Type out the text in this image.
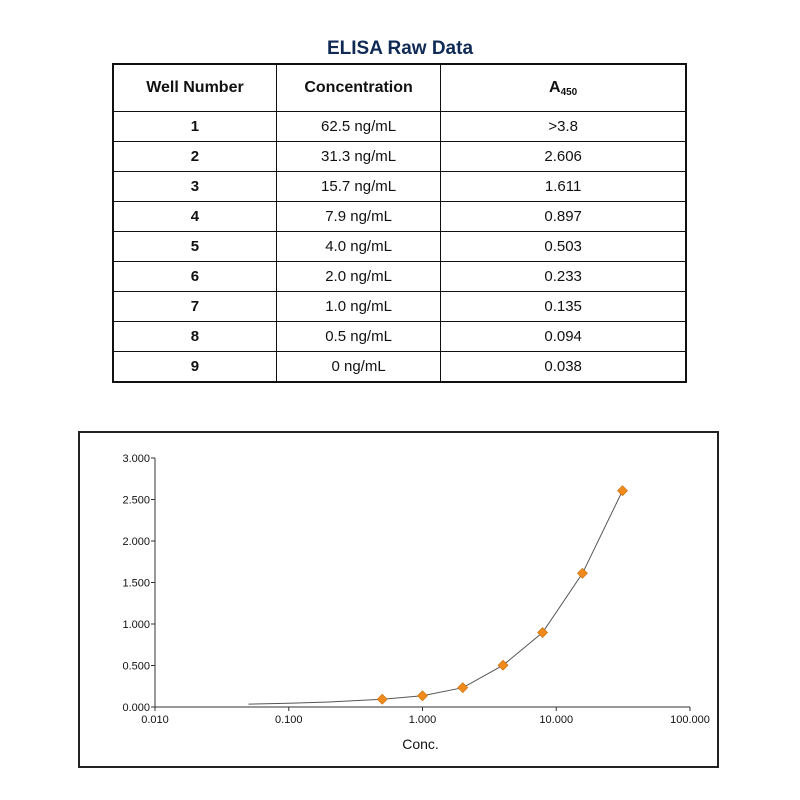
ELISA Raw Data
Well Number	Concentration	$A_{450}$
1	62.5 ng/mL	>3.8
2	31.3 ng/mL	2.606
3	15.7 ng/mL	1.611
4	7.9 ng/mL	0.897
5	4.0 ng/mL	0.503
6	2.0 ng/mL	0.233
7	1.0 ng/mL	0.135
8	0.5 ng/mL	0.094
9	0 ng/mL	0.038
0.000
0.500
1.000
1.500
2.000
2.500
3.000
0.010	0.100	1.000	10.000	100.000
Conc.
